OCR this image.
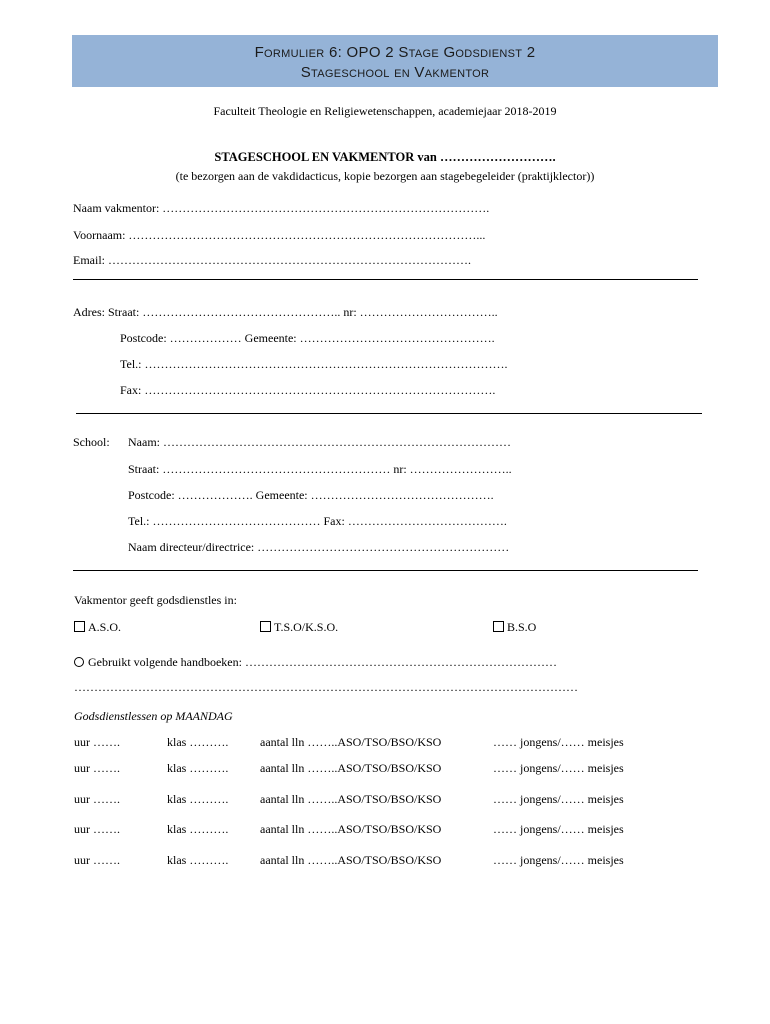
Formulier 6: OPO 2 Stage Godsdienst 2
Stageschool en Vakmentor
Faculteit Theologie en Religiewetenschappen, academiejaar 2018-2019
STAGESCHOOL EN VAKMENTOR van ……………………….
(te bezorgen aan de vakdidacticus, kopie bezorgen aan stagebegeleider (praktijklector))
Naam vakmentor: ……………………………………………………………………….
Voornaam: ……………………………………………………………………………...
Email: ……………………………………………………………………………….
Adres: Straat: ………………………………………….. nr: ……………………………..
Postcode: ……………… Gemeente: ………………………………………….
Tel.: ……………………………………………………………………………….
Fax: …………………………………………………………………………….
School: Naam: ……………………………………………………………………………
Straat: ………………………………………………… nr: ……………………..
Postcode: ………………. Gemeente: ……………………………………….
Tel.: …………………………………… Fax: ………………………………….
Naam directeur/directrice: ………………………………………………………
Vakmentor geeft godsdienstles in:
A.S.O.	T.S.O/K.S.O.	B.S.O
Gebruikt volgende handboeken: ……………………………………………………………………
………………………………………………………………………………………………………………
Godsdienstlessen op MAANDAG
uur …….	klas ……….	aantal lln ……..ASO/TSO/BSO/KSO	…… jongens/…… meisjes
uur …….	klas ……….	aantal lln ……..ASO/TSO/BSO/KSO	…… jongens/…… meisjes
uur …….	klas ……….	aantal lln ……..ASO/TSO/BSO/KSO	…… jongens/…… meisjes
uur …….	klas ……….	aantal lln ……..ASO/TSO/BSO/KSO	…… jongens/…… meisjes
uur …….	klas ……….	aantal lln ……..ASO/TSO/BSO/KSO	…… jongens/…… meisjes
